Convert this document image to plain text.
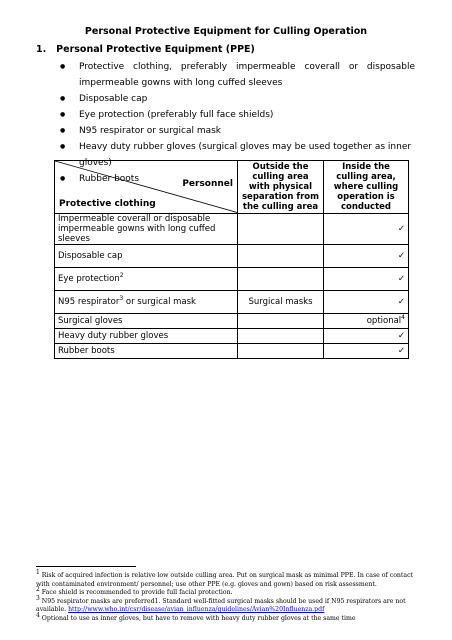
Personal Protective Equipment for Culling Operation
1. Personal Protective Equipment (PPE)
● Protective clothing, preferably impermeable coverall or disposable impermeable gowns with long cuffed sleeves
● Disposable cap
● Eye protection (preferably full face shields)
● N95 respirator or surgical mask
● Heavy duty rubber gloves (surgical gloves may be used together as inner gloves)
● Rubber boots	Personnel
Protective clothing	Outside the culling area with physical separation from the culling area	Inside the culling area, where culling operation is conducted
Impermeable coverall or disposable impermeable gowns with long cuffed sleeves		✓
Disposable cap		✓
Eye protection$^2$		✓
N95 respirator$^3$ or surgical mask	Surgical masks	✓
Surgical gloves		optional$^4$
Heavy duty rubber gloves		✓
Rubber boots		✓

$^1$ Risk of acquired infection is relative low outside culling area. Put on surgical mask as minimal PPE. In case of contact with contaminated environment/ personnel; use other PPE (e.g. gloves and gown) based on risk assessment.

$^2$ Face shield is recommended to provide full facial protection.

$^3$ N95 respirator masks are preferred1. Standard well-fitted surgical masks should be used if N95 respirators are not available. http://www.who.int/csr/disease/avian_influenza/guidelines/Avian%20Influenza.pdf

$^4$ Optional to use as inner gloves, but have to remove with heavy duty rubber gloves at the same time
